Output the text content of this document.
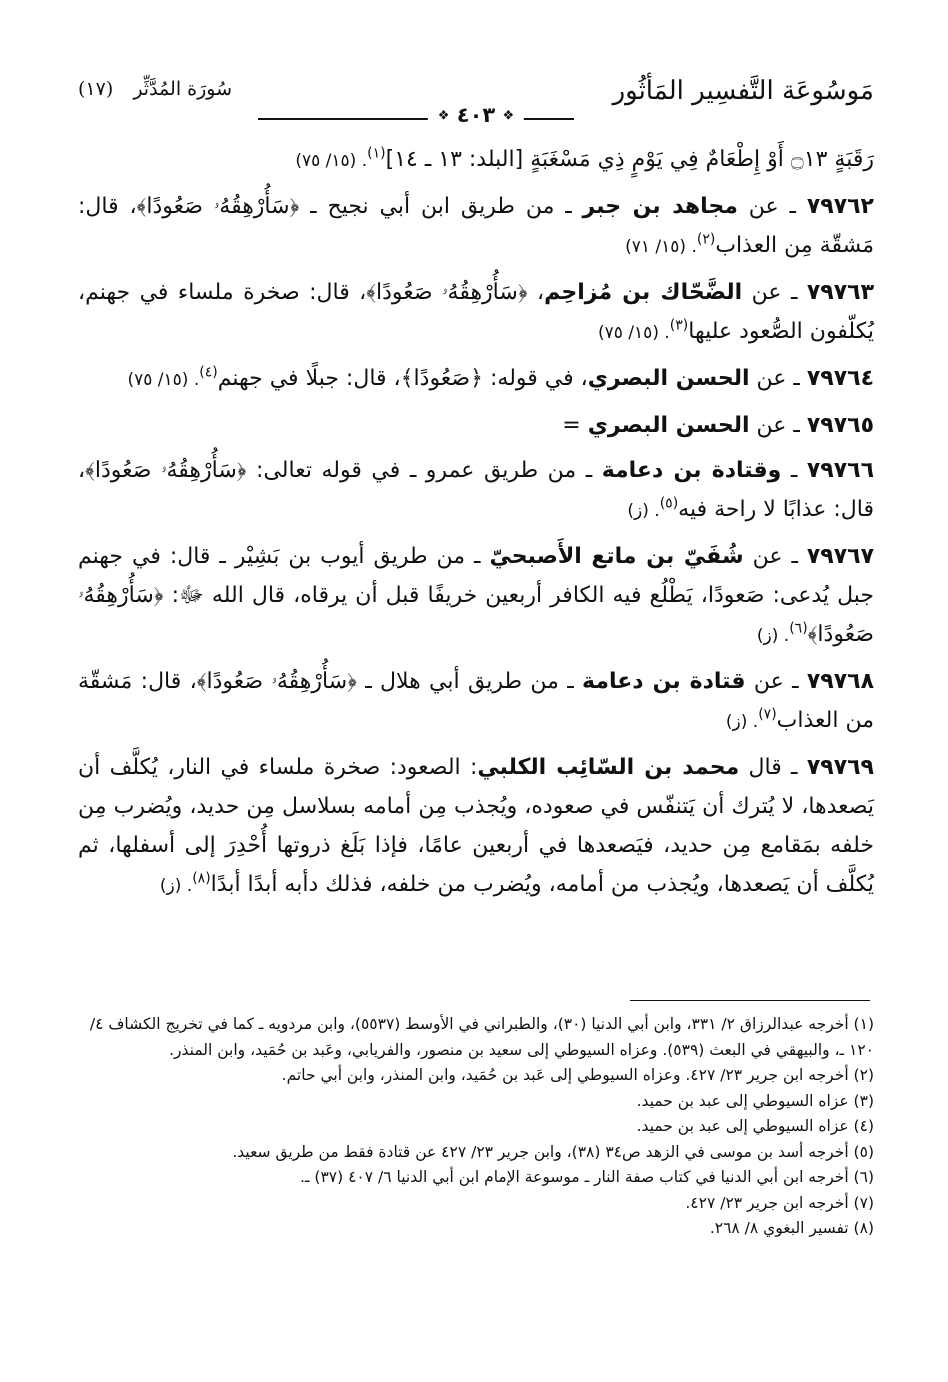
مَوسُوعَة التَّفسِير المَأثُور
❖ ٤٠٣ ❖
سُورَة المُدَّثِّر (١٧)

رَقَبَةٍ ۝١٣ أَوْ إِطْعَامٌ فِي يَوْمٍ ذِي مَسْغَبَةٍ [البلد: ١٣ ـ ١٤]$^{(١)}$. (١٥/ ٧٥)

٧٩٧٦٢ ـ عن مجاهد بن جبر ـ من طريق ابن أبي نجيح ـ ﴿سَأُرْهِقُهُۥ صَعُودًا﴾، قال: مَشقّة مِن العذاب$^{(٢)}$. (١٥/ ٧١)

٧٩٧٦٣ ـ عن الضَّحّاك بن مُزاحِم، ﴿سَأُرْهِقُهُۥ صَعُودًا﴾، قال: صخرة ملساء في جهنم، يُكلّفون الصُّعود عليها$^{(٣)}$. (١٥/ ٧٥)

٧٩٧٦٤ ـ عن الحسن البصري، في قوله: ﴿صَعُودًا﴾، قال: جبلًا في جهنم$^{(٤)}$. (١٥/ ٧٥)

٧٩٧٦٥ ـ عن الحسن البصري =

٧٩٧٦٦ ـ وقتادة بن دعامة ـ من طريق عمرو ـ في قوله تعالى: ﴿سَأُرْهِقُهُۥ صَعُودًا﴾، قال: عذابًا لا راحة فيه$^{(٥)}$. (ز)

٧٩٧٦٧ ـ عن شُفَيّ بن ماتع الأَصبحيّ ـ من طريق أيوب بن بَشِيْر ـ قال: في جهنم جبل يُدعى: صَعودًا، يَطْلُع فيه الكافر أربعين خريفًا قبل أن يرقاه، قال الله ﷻ: ﴿سَأُرْهِقُهُۥ صَعُودًا﴾$^{(٦)}$. (ز)

٧٩٧٦٨ ـ عن قتادة بن دعامة ـ من طريق أبي هلال ـ ﴿سَأُرْهِقُهُۥ صَعُودًا﴾، قال: مَشقّة من العذاب$^{(٧)}$. (ز)

٧٩٧٦٩ ـ قال محمد بن السّائِب الكلبي: الصعود: صخرة ملساء في النار، يُكلَّف أن يَصعدها، لا يُترك أن يَتنفّس في صعوده، ويُجذب مِن أمامه بسلاسل مِن حديد، ويُضرب مِن خلفه بمَقامع مِن حديد، فيَصعدها في أربعين عامًا، فإذا بَلَغ ذروتها أُحْدِرَ إلى أسفلها، ثم يُكلَّف أن يَصعدها، ويُجذب من أمامه، ويُضرب من خلفه، فذلك دأبه أبدًا أبدًا$^{(٨)}$. (ز)

(١) أخرجه عبدالرزاق ٢/ ٣٣١، وابن أبي الدنيا (٣٠)، والطبراني في الأوسط (٥٥٣٧)، وابن مردويه ـ كما في تخريج الكشاف ٤/ ١٢٠ ـ، والبيهقي في البعث (٥٣٩). وعزاه السيوطي إلى سعيد بن منصور، والفريابي، وعَبد بن حُمَيد، وابن المنذر.

(٢) أخرجه ابن جرير ٢٣/ ٤٢٧. وعزاه السيوطي إلى عَبد بن حُمَيد، وابن المنذر، وابن أبي حاتم.

(٣) عزاه السيوطي إلى عبد بن حميد.

(٤) عزاه السيوطي إلى عبد بن حميد.

(٥) أخرجه أسد بن موسى في الزهد ص٣٤ (٣٨)، وابن جرير ٢٣/ ٤٢٧ عن قتادة فقط من طريق سعيد.

(٦) أخرجه ابن أبي الدنيا في كتاب صفة النار ـ موسوعة الإمام ابن أبي الدنيا ٦/ ٤٠٧ (٣٧) ـ.

(٧) أخرجه ابن جرير ٢٣/ ٤٢٧.

(٨) تفسير البغوي ٨/ ٢٦٨.
